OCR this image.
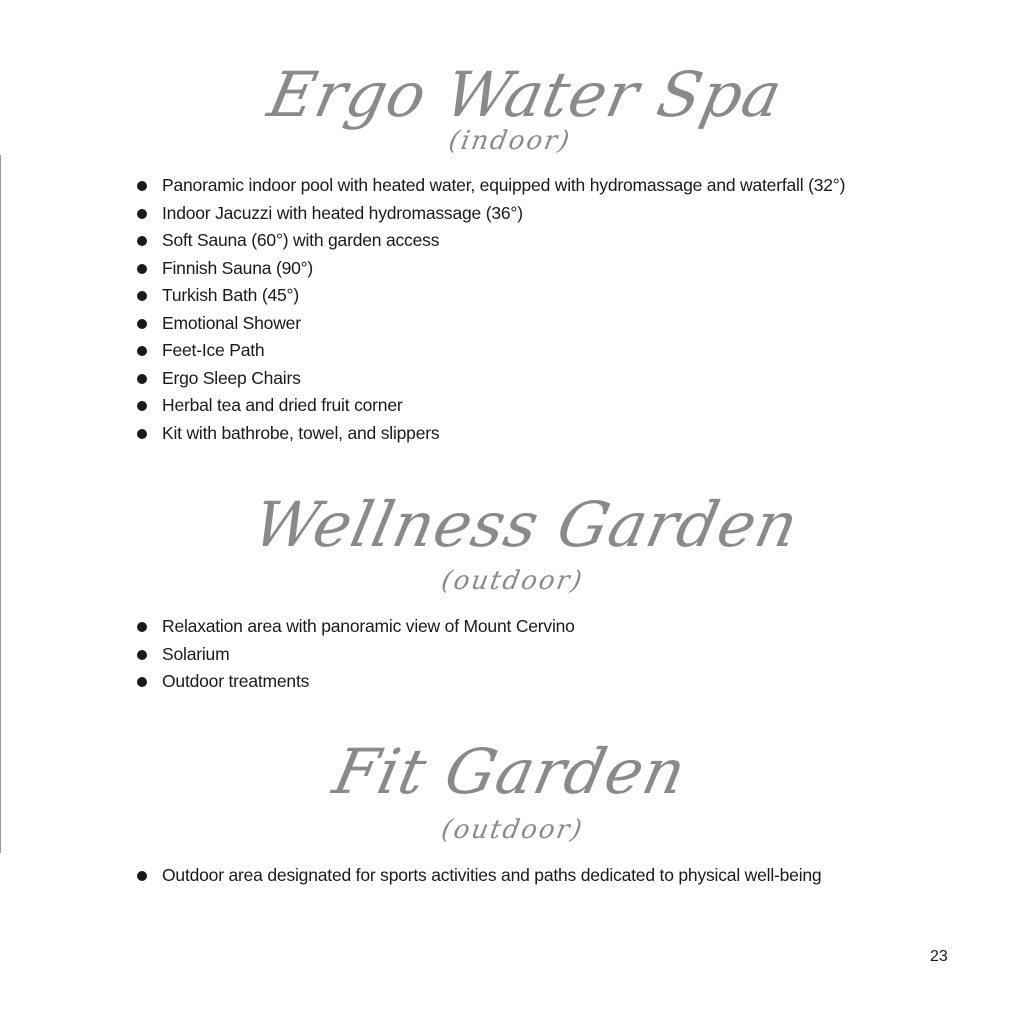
Ergo Water Spa
(indoor)
Panoramic indoor pool with heated water, equipped with hydromassage and waterfall (32°)
Indoor Jacuzzi with heated hydromassage (36°)
Soft Sauna (60°) with garden access
Finnish Sauna (90°)
Turkish Bath (45°)
Emotional Shower
Feet-Ice Path
Ergo Sleep Chairs
Herbal tea and dried fruit corner
Kit with bathrobe, towel, and slippers
Wellness Garden
(outdoor)
Relaxation area with panoramic view of Mount Cervino
Solarium
Outdoor treatments
Fit Garden
(outdoor)
Outdoor area designated for sports activities and paths dedicated to physical well-being
23
